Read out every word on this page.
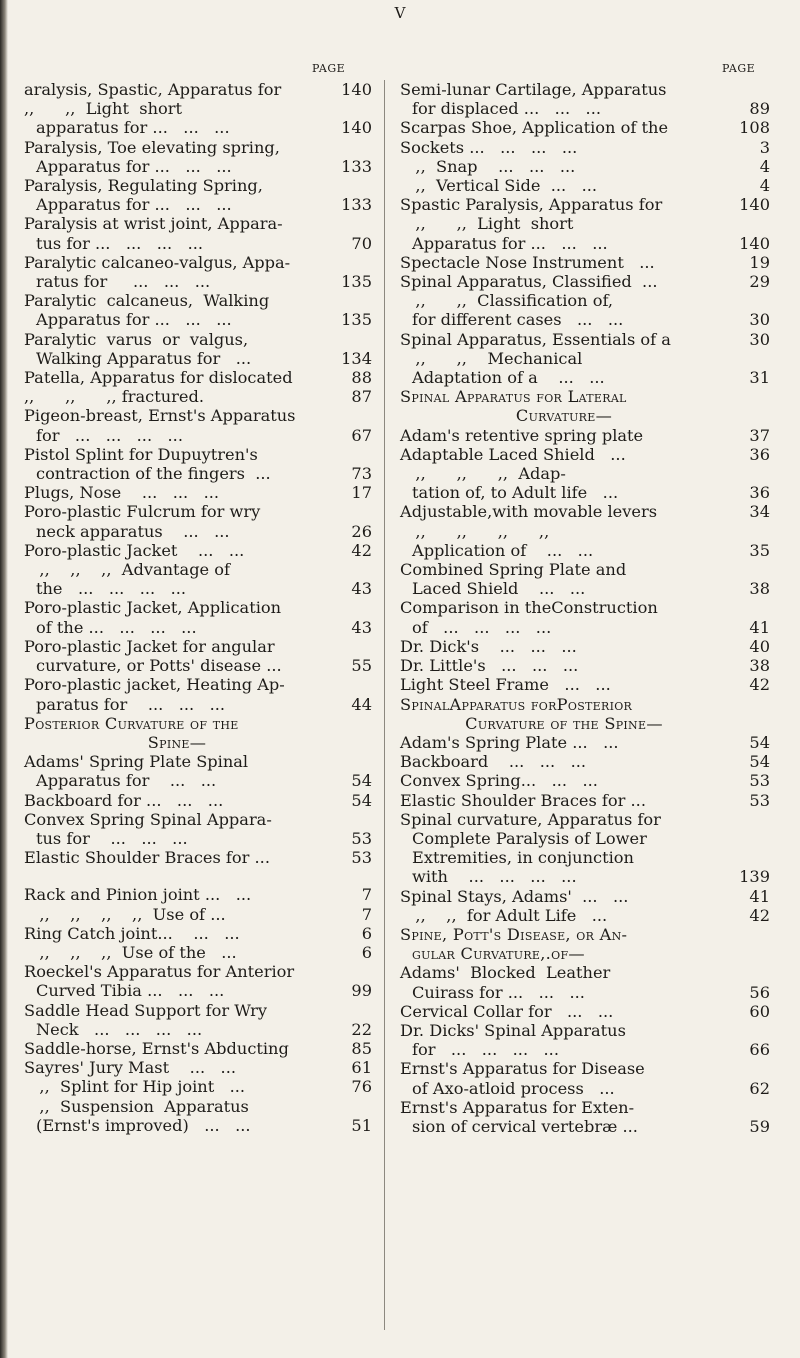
V
PAGE	PAGE
aralysis, Spastic, Apparatus for	140
,,      ,,  Light  short
apparatus for ...   ...   ...	140
Paralysis, Toe elevating spring,
Apparatus for ...   ...   ...	133
Paralysis, Regulating Spring,
Apparatus for ...   ...   ...	133
Paralysis at wrist joint, Appara-
tus for ...   ...   ...   ...	70
Paralytic calcaneo-valgus, Appa-
ratus for     ...   ...   ...	135
Paralytic  calcaneus,  Walking
Apparatus for ...   ...   ...	135
Paralytic  varus  or  valgus,
Walking Apparatus for   ...	134
Patella, Apparatus for dislocated	88
,,      ,,      ,, fractured.	87
Pigeon-breast, Ernst's Apparatus
for   ...   ...   ...   ...	67
Pistol Splint for Dupuytren's
contraction of the fingers  ...	73
Plugs, Nose    ...   ...   ...	17
Poro-plastic Fulcrum for wry
neck apparatus    ...   ...	26
Poro-plastic Jacket    ...   ...	42
,,    ,,    ,,  Advantage of
the   ...   ...   ...   ...	43
Poro-plastic Jacket, Application
of the ...   ...   ...   ...	43
Poro-plastic Jacket for angular
curvature, or Potts' disease ...	55
Poro-plastic jacket, Heating Ap-
paratus for    ...   ...   ...	44
Posterior Curvature of the
Spine—
Adams' Spring Plate Spinal
Apparatus for    ...   ...	54
Backboard for ...   ...   ...	54
Convex Spring Spinal Appara-
tus for    ...   ...   ...	53
Elastic Shoulder Braces for ...	53
Rack and Pinion joint ...   ...	7
,,    ,,    ,,    ,,  Use of ...	7
Ring Catch joint...    ...   ...	6
,,    ,,    ,,  Use of the   ...	6
Roeckel's Apparatus for Anterior
Curved Tibia ...   ...   ...	99
Saddle Head Support for Wry
Neck   ...   ...   ...   ...	22
Saddle-horse, Ernst's Abducting	85
Sayres' Jury Mast    ...   ...	61
,,  Splint for Hip joint   ...	76
,,  Suspension  Apparatus
(Ernst's improved)   ...   ...	51
Semi-lunar Cartilage, Apparatus
for displaced ...   ...   ...	89
Scarpas Shoe, Application of the	108
Sockets ...   ...   ...   ...	3
,,  Snap    ...   ...   ...	4
,,  Vertical Side  ...   ...	4
Spastic Paralysis, Apparatus for	140
,,      ,,  Light  short
Apparatus for ...   ...   ...	140
Spectacle Nose Instrument   ...	19
Spinal Apparatus, Classified  ...	29
,,      ,,  Classification of,
for different cases   ...   ...	30
Spinal Apparatus, Essentials of a	30
,,      ,,    Mechanical
Adaptation of a    ...   ...	31
Spinal Apparatus for Lateral
Curvature—
Adam's retentive spring plate	37
Adaptable Laced Shield   ...	36
,,      ,,      ,,  Adap-
tation of, to Adult life   ...	36
Adjustable,with movable levers	34
,,      ,,      ,,      ,,
Application of    ...   ...	35
Combined Spring Plate and
Laced Shield    ...   ...	38
Comparison in theConstruction
of   ...   ...   ...   ...	41
Dr. Dick's    ...   ...   ...	40
Dr. Little's   ...   ...   ...	38
Light Steel Frame   ...   ...	42
SpinalApparatus forPosterior
Curvature of the Spine—
Adam's Spring Plate ...   ...	54
Backboard    ...   ...   ...	54
Convex Spring...   ...   ...	53
Elastic Shoulder Braces for ...	53
Spinal curvature, Apparatus for
Complete Paralysis of Lower
Extremities, in conjunction
with    ...   ...   ...   ...	139
Spinal Stays, Adams'  ...   ...	41
,,    ,,  for Adult Life   ...	42
Spine, Pott's Disease, or An-
gular Curvature,.of—
Adams'  Blocked  Leather
Cuirass for ...   ...   ...	56
Cervical Collar for   ...   ...	60
Dr. Dicks' Spinal Apparatus
for   ...   ...   ...   ...	66
Ernst's Apparatus for Disease
of Axo-atloid process   ...	62
Ernst's Apparatus for Exten-
sion of cervical vertebræ ...	59
